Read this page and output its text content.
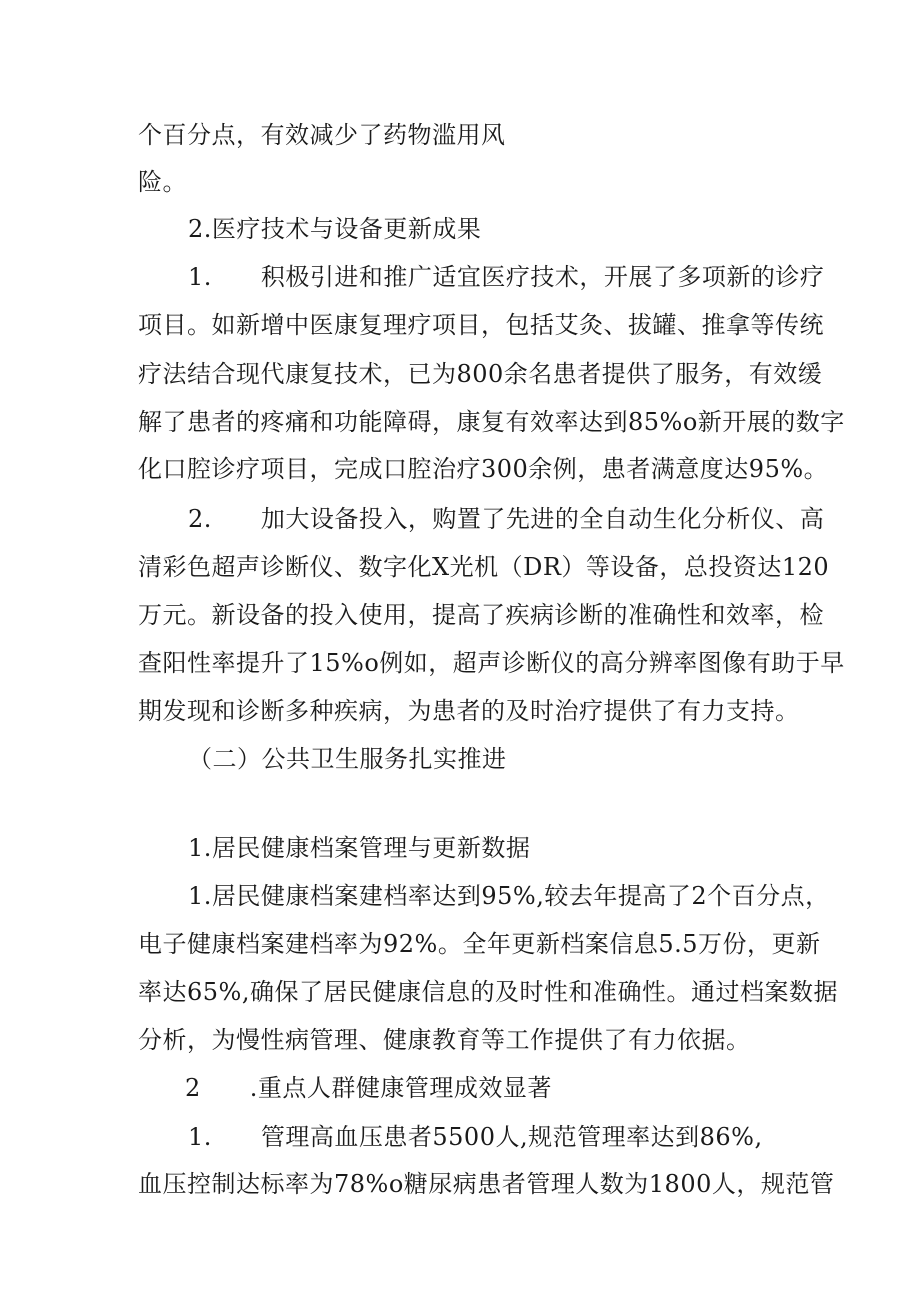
个百分点，有效减少了药物滥用风
险。
2.医疗技术与设备更新成果
1.　　积极引进和推广适宜医疗技术，开展了多项新的诊疗
项目。如新增中医康复理疗项目，包括艾灸、拔罐、推拿等传统
疗法结合现代康复技术，已为800余名患者提供了服务，有效缓
解了患者的疼痛和功能障碍，康复有效率达到85%o新开展的数字
化口腔诊疗项目，完成口腔治疗300余例，患者满意度达95%。
2.　　加大设备投入，购置了先进的全自动生化分析仪、高
清彩色超声诊断仪、数字化X光机（DR）等设备，总投资达120
万元。新设备的投入使用，提高了疾病诊断的准确性和效率，检
查阳性率提升了15%o例如，超声诊断仪的高分辨率图像有助于早
期发现和诊断多种疾病，为患者的及时治疗提供了有力支持。
（二）公共卫生服务扎实推进
1.居民健康档案管理与更新数据
1.居民健康档案建档率达到95%,较去年提高了2个百分点，
电子健康档案建档率为92%。全年更新档案信息5.5万份，更新
率达65%,确保了居民健康信息的及时性和准确性。通过档案数据
分析，为慢性病管理、健康教育等工作提供了有力依据。
2　　.重点人群健康管理成效显著
1.　　管理高血压患者5500人,规范管理率达到86%,
血压控制达标率为78%o糖尿病患者管理人数为1800人，规范管
